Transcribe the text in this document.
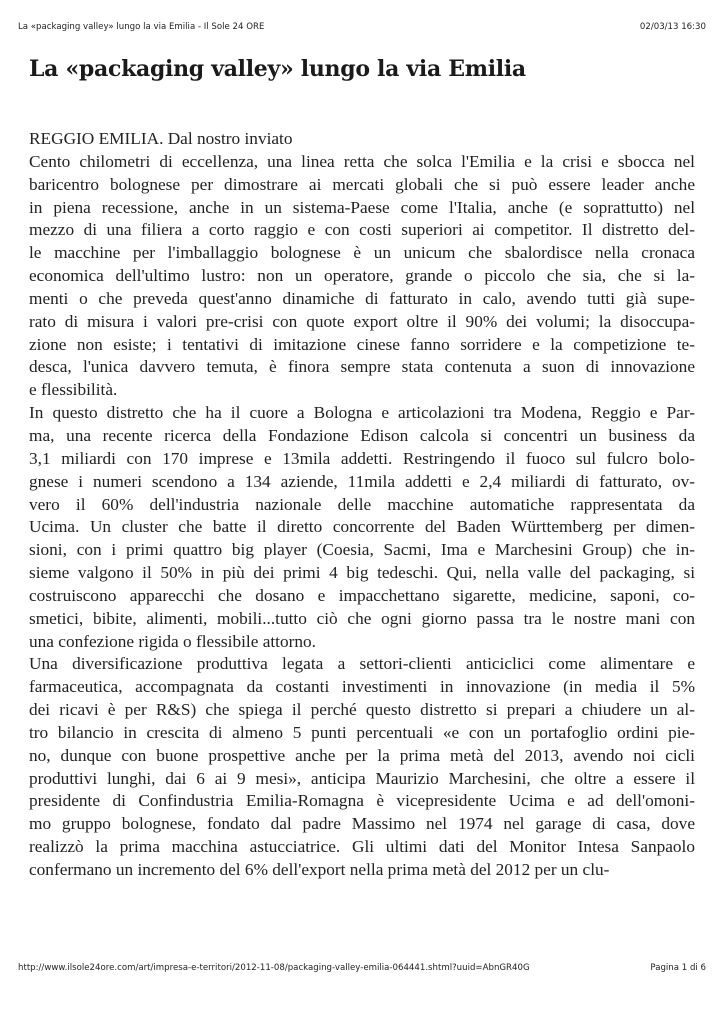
La «packaging valley» lungo la via Emilia - Il Sole 24 ORE	02/03/13 16:30
La «packaging valley» lungo la via Emilia

REGGIO EMILIA. Dal nostro inviato

Cento chilometri di eccellenza, una linea retta che solca l'Emilia e la crisi e sbocca nel
baricentro bolognese per dimostrare ai mercati globali che si può essere leader anche
in piena recessione, anche in un sistema-Paese come l'Italia, anche (e soprattutto) nel
mezzo di una filiera a corto raggio e con costi superiori ai competitor. Il distretto del-
le macchine per l'imballaggio bolognese è un unicum che sbalordisce nella cronaca
economica dell'ultimo lustro: non un operatore, grande o piccolo che sia, che si la-
menti o che preveda quest'anno dinamiche di fatturato in calo, avendo tutti già supe-
rato di misura i valori pre-crisi con quote export oltre il 90% dei volumi; la disoccupa-
zione non esiste; i tentativi di imitazione cinese fanno sorridere e la competizione te-
desca, l'unica davvero temuta, è finora sempre stata contenuta a suon di innovazione
e flessibilità.

In questo distretto che ha il cuore a Bologna e articolazioni tra Modena, Reggio e Par-
ma, una recente ricerca della Fondazione Edison calcola si concentri un business da
3,1 miliardi con 170 imprese e 13mila addetti. Restringendo il fuoco sul fulcro bolo-
gnese i numeri scendono a 134 aziende, 11mila addetti e 2,4 miliardi di fatturato, ov-
vero il 60% dell'industria nazionale delle macchine automatiche rappresentata da
Ucima. Un cluster che batte il diretto concorrente del Baden Württemberg per dimen-
sioni, con i primi quattro big player (Coesia, Sacmi, Ima e Marchesini Group) che in-
sieme valgono il 50% in più dei primi 4 big tedeschi. Qui, nella valle del packaging, si
costruiscono apparecchi che dosano e impacchettano sigarette, medicine, saponi, co-
smetici, bibite, alimenti, mobili...tutto ciò che ogni giorno passa tra le nostre mani con
una confezione rigida o flessibile attorno.

Una diversificazione produttiva legata a settori-clienti anticiclici come alimentare e
farmaceutica, accompagnata da costanti investimenti in innovazione (in media il 5%
dei ricavi è per R&S) che spiega il perché questo distretto si prepari a chiudere un al-
tro bilancio in crescita di almeno 5 punti percentuali «e con un portafoglio ordini pie-
no, dunque con buone prospettive anche per la prima metà del 2013, avendo noi cicli
produttivi lunghi, dai 6 ai 9 mesi», anticipa Maurizio Marchesini, che oltre a essere il
presidente di Confindustria Emilia-Romagna è vicepresidente Ucima e ad dell'omoni-
mo gruppo bolognese, fondato dal padre Massimo nel 1974 nel garage di casa, dove
realizzò la prima macchina astucciatrice. Gli ultimi dati del Monitor Intesa Sanpaolo
confermano un incremento del 6% dell'export nella prima metà del 2012 per un clu-

http://www.ilsole24ore.com/art/impresa-e-territori/2012-11-08/packaging-valley-emilia-064441.shtml?uuid=AbnGR40G	Pagina 1 di 6
